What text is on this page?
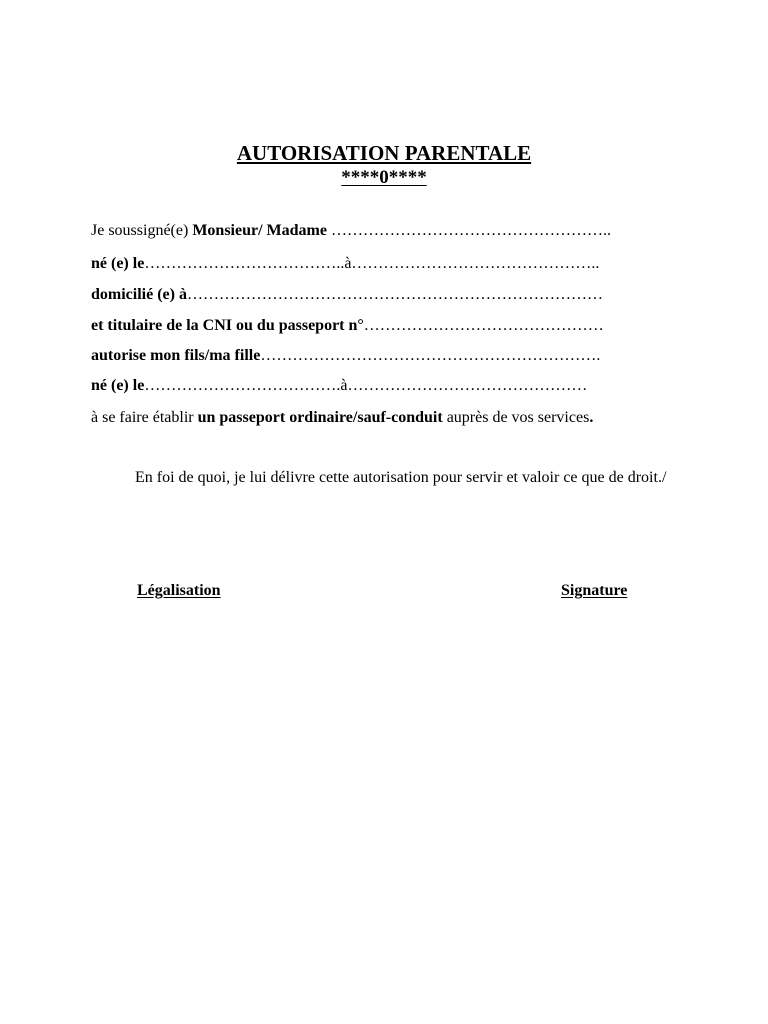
AUTORISATION PARENTALE
****0****
Je soussigné(e) Monsieur/ Madame ……………………………………………..
né (e) le………………………………..à………………………………………..
domicilié (e) à……………………………………………………………………
et titulaire de la CNI ou du passeport n°………………………………………
autorise mon fils/ma fille……………………………………………………….
né (e) le……………………………….à………………………………………
à se faire établir un passeport ordinaire/sauf-conduit auprès de vos services.
En foi de quoi, je lui délivre cette autorisation pour servir et valoir ce que de droit./
Légalisation	Signature
